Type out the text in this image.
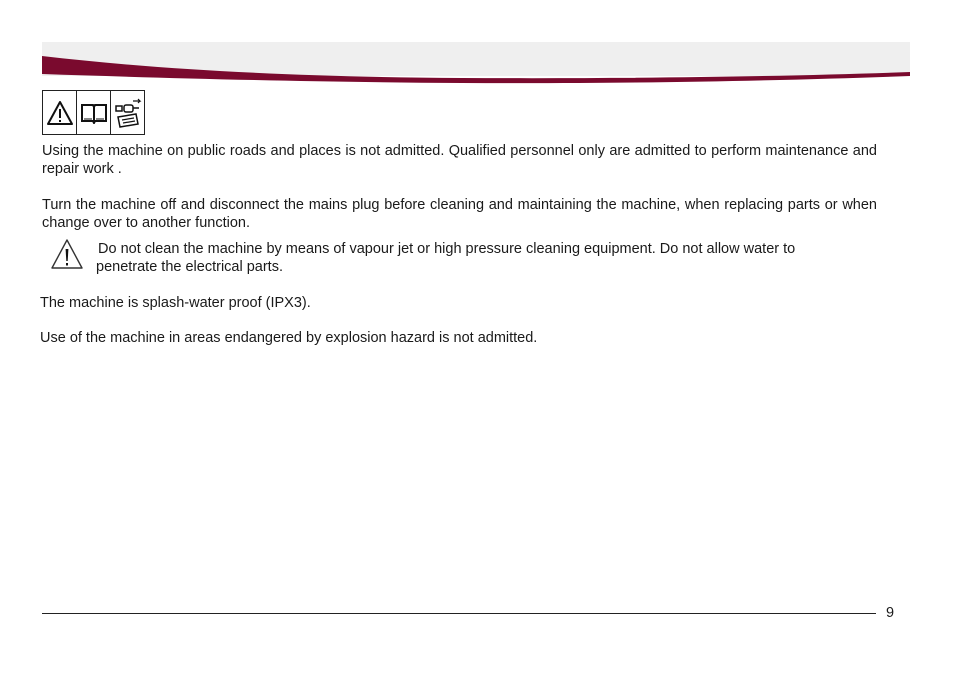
Using the machine on public roads and places is not admitted. Qualified personnel only are admitted to perform maintenance and repair work .

Turn the machine off and disconnect the mains plug before cleaning and maintaining the machine, when replacing parts or when change over to another function.

Do not clean the machine by means of vapour jet or high pressure cleaning equipment. Do not allow water to penetrate the electrical parts.

The machine is splash-water proof (IPX3).

Use of the machine in areas endangered by explosion hazard is not admitted.

9
